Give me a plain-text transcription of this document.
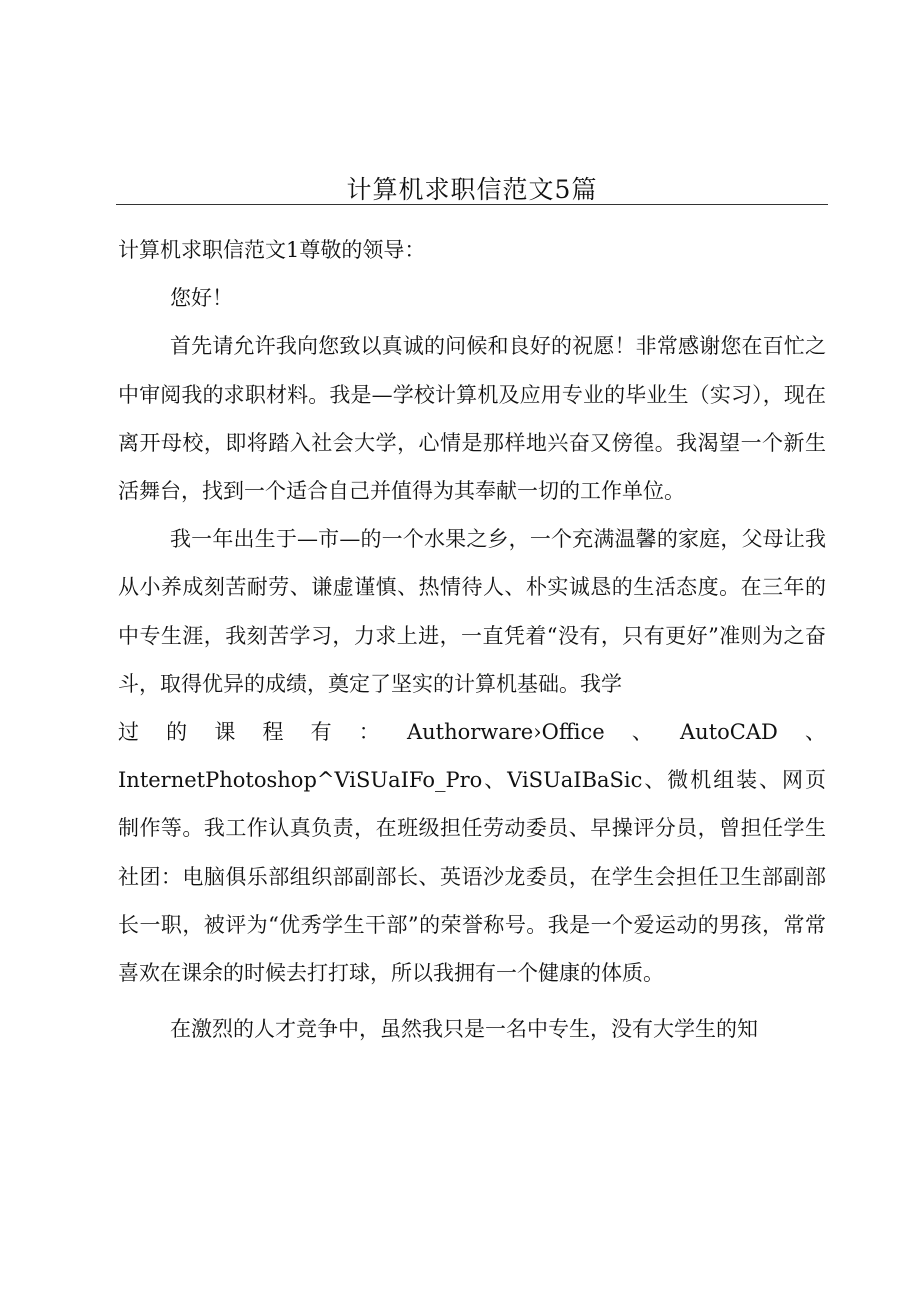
计算机求职信范文5篇

计算机求职信范文1尊敬的领导：

您好！

首先请允许我向您致以真诚的问候和良好的祝愿！非常感谢您在百忙之中审阅我的求职材料。我是—学校计算机及应用专业的毕业生（实习），现在离开母校，即将踏入社会大学，心情是那样地兴奋又傍徨。我渴望一个新生活舞台，找到一个适合自己并值得为其奉献一切的工作单位。

我一年出生于—市—的一个水果之乡，一个充满温馨的家庭，父母让我从小养成刻苦耐劳、谦虚谨慎、热情待人、朴实诚恳的生活态度。在三年的中专生涯，我刻苦学习，力求上进，一直凭着“没有，只有更好”准则为之奋斗，取得优异的成绩，奠定了坚实的计算机基础。我学

过 的 课 程 有 ： Authorware›Office 、 AutoCAD 、

InternetPhotoshop^ViSUaIFo_Pro、ViSUaIBaSic、微机组装、网页制作等。我工作认真负责，在班级担任劳动委员、早操评分员，曾担任学生社团：电脑俱乐部组织部副部长、英语沙龙委员，在学生会担任卫生部副部长一职，被评为“优秀学生干部”的荣誉称号。我是一个爱运动的男孩，常常喜欢在课余的时候去打打球，所以我拥有一个健康的体质。

在激烈的人才竞争中，虽然我只是一名中专生，没有大学生的知
